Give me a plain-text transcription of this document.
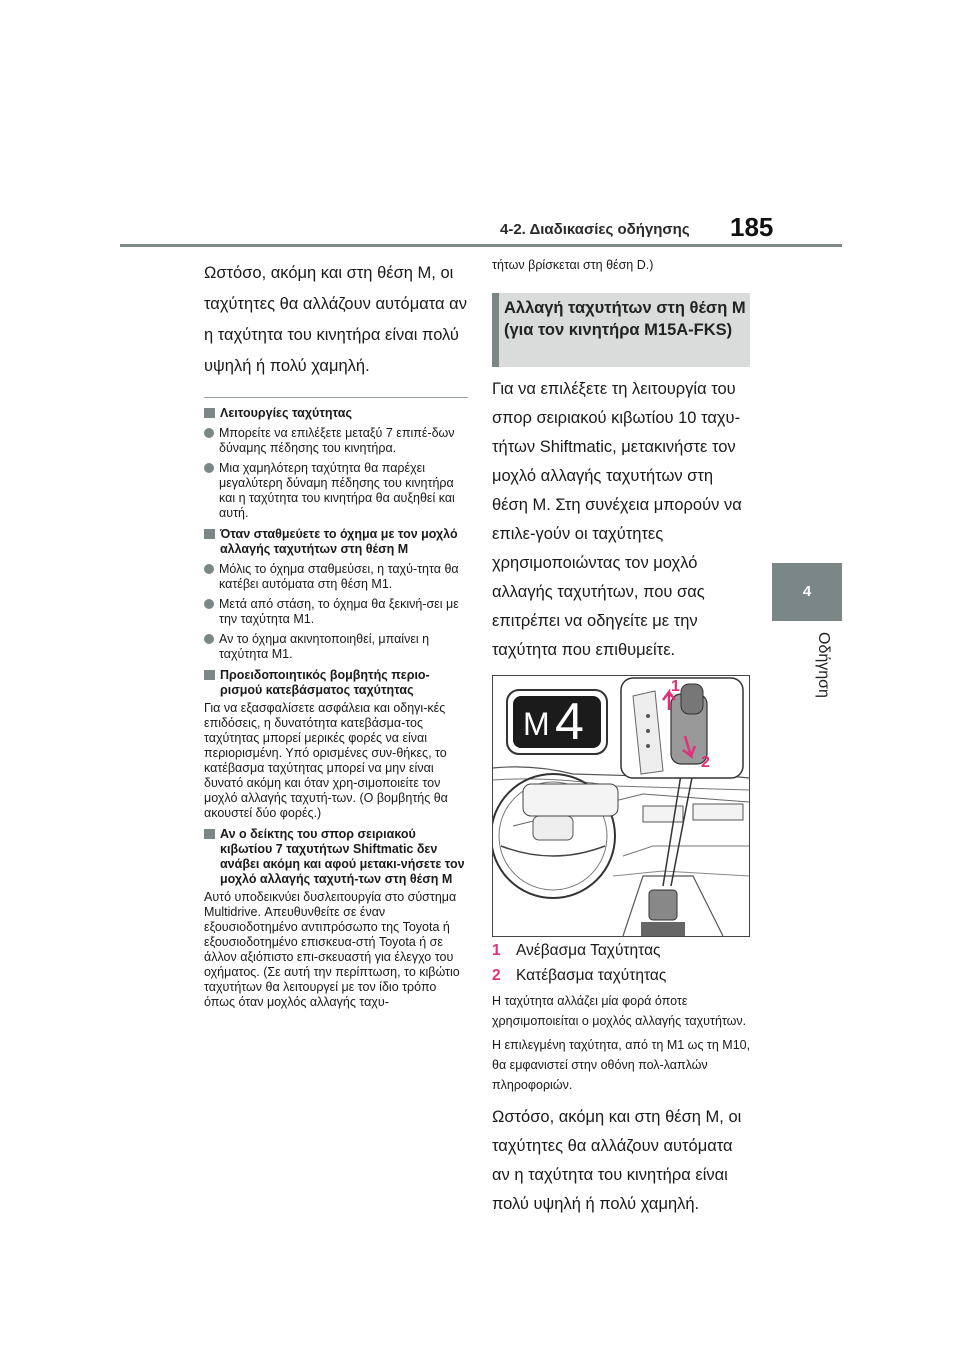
4-2. Διαδικασίες οδήγησης 185
4
Οδήγηση

Ωστόσο, ακόμη και στη θέση M, οι ταχύτητες θα αλλάζουν αυτόματα αν η ταχύτητα του κινητήρα είναι πολύ υψηλή ή πολύ χαμηλή.

Λειτουργίες ταχύτητας
Μπορείτε να επιλέξετε μεταξύ 7 επιπέ-δων δύναμης πέδησης του κινητήρα.
Μια χαμηλότερη ταχύτητα θα παρέχει μεγαλύτερη δύναμη πέδησης του κινητήρα και η ταχύτητα του κινητήρα θα αυξηθεί και αυτή.
Όταν σταθμεύετε το όχημα με τον μοχλό αλλαγής ταχυτήτων στη θέση M
Μόλις το όχημα σταθμεύσει, η ταχύ-τητα θα κατέβει αυτόματα στη θέση M1.
Μετά από στάση, το όχημα θα ξεκινή-σει με την ταχύτητα M1.
Αν το όχημα ακινητοποιηθεί, μπαίνει η ταχύτητα M1.
Προειδοποιητικός βομβητής περιο-ρισμού κατεβάσματος ταχύτητας

Για να εξασφαλίσετε ασφάλεια και οδηγι-κές επιδόσεις, η δυνατότητα κατεβάσμα-τος ταχύτητας μπορεί μερικές φορές να είναι περιορισμένη. Υπό ορισμένες συν-θήκες, το κατέβασμα ταχύτητας μπορεί να μην είναι δυνατό ακόμη και όταν χρη-σιμοποιείτε τον μοχλό αλλαγής ταχυτή-των. (Ο βομβητής θα ακουστεί δύο φορές.)

Αν ο δείκτης του σπορ σειριακού κιβωτίου 7 ταχυτήτων Shiftmatic δεν ανάβει ακόμη και αφού μετακι-νήσετε τον μοχλό αλλαγής ταχυτή-των στη θέση M

Αυτό υποδεικνύει δυσλειτουργία στο σύστημα Multidrive. Απευθυνθείτε σε έναν εξουσιοδοτημένο αντιπρόσωπο της Toyota ή εξουσιοδοτημένο επισκευα-στή Toyota ή σε άλλον αξιόπιστο επι-σκευαστή για έλεγχο του οχήματος. (Σε αυτή την περίπτωση, το κιβώτιο ταχυτήτων θα λειτουργεί με τον ίδιο τρόπο όπως όταν μοχλός αλλαγής ταχυ-

τήτων βρίσκεται στη θέση D.)

Αλλαγή ταχυτήτων στη θέση M (για τον κινητήρα M15A-FKS)

Για να επιλέξετε τη λειτουργία του σπορ σειριακού κιβωτίου 10 ταχυ-τήτων Shiftmatic, μετακινήστε τον μοχλό αλλαγής ταχυτήτων στη θέση M. Στη συνέχεια μπορούν να επιλε-γούν οι ταχύτητες χρησιμοποιώντας τον μοχλό αλλαγής ταχυτήτων, που σας επιτρέπει να οδηγείτε με την ταχύτητα που επιθυμείτε.

M 4
1
2
1 Ανέβασμα Ταχύτητας
2 Κατέβασμα ταχύτητας

Η ταχύτητα αλλάζει μία φορά όποτε χρησιμοποιείται ο μοχλός αλλαγής ταχυτήτων.

Η επιλεγμένη ταχύτητα, από τη M1 ως τη M10, θα εμφανιστεί στην οθόνη πολ-λαπλών πληροφοριών.

Ωστόσο, ακόμη και στη θέση M, οι ταχύτητες θα αλλάζουν αυτόματα αν η ταχύτητα του κινητήρα είναι πολύ υψηλή ή πολύ χαμηλή.
